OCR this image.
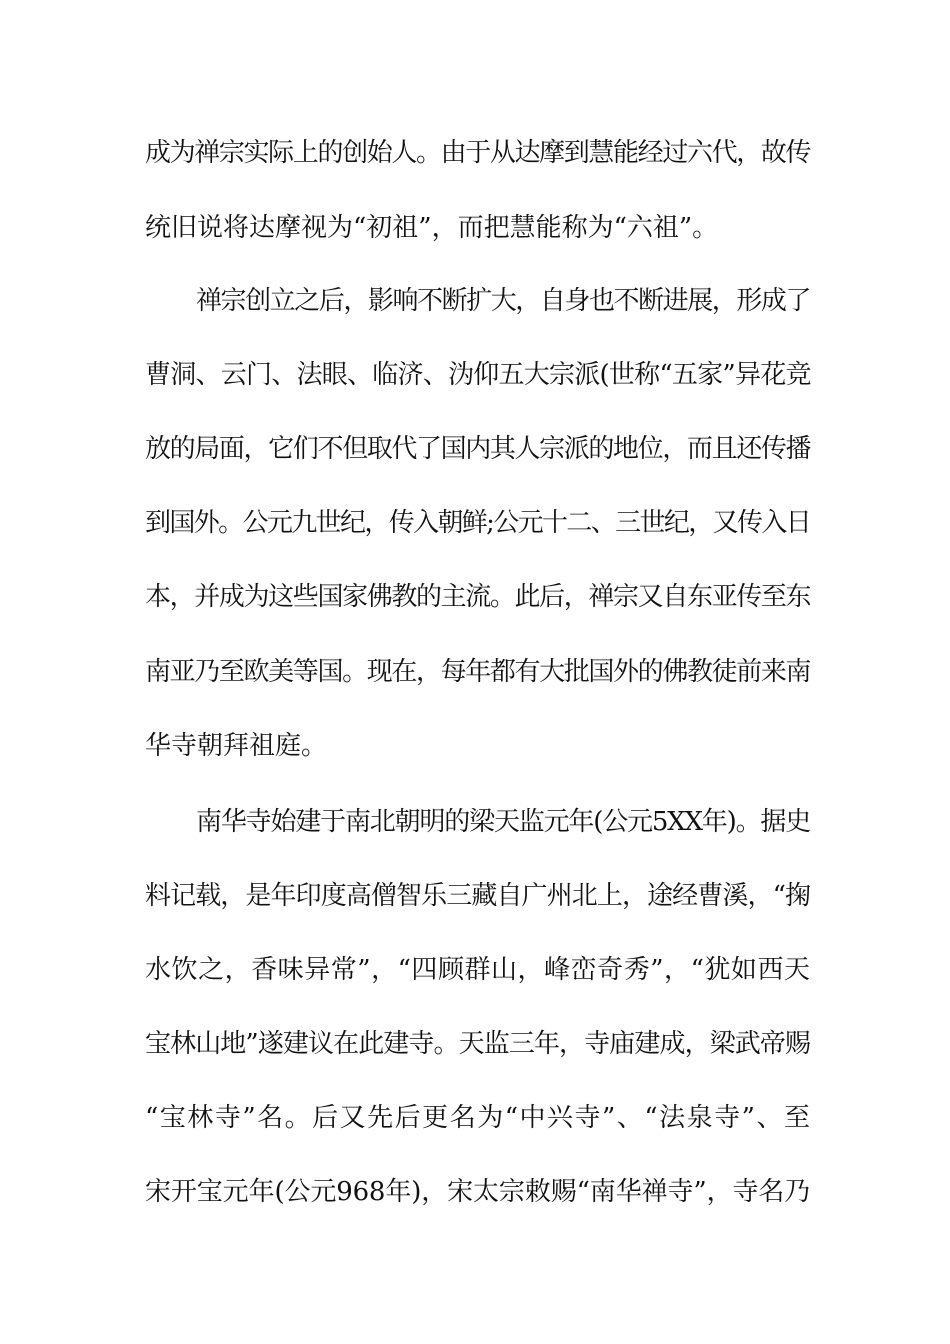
成为禅宗实际上的创始人。由于从达摩到慧能经过六代，故传
统旧说将达摩视为“初祖”，而把慧能称为“六祖”。
禅宗创立之后，影响不断扩大，自身也不断进展，形成了
曹洞、云门、法眼、临济、沩仰五大宗派(世称“五家”异花竞
放的局面，它们不但取代了国内其人宗派的地位，而且还传播
到国外。公元九世纪，传入朝鲜;公元十二、三世纪，又传入日
本，并成为这些国家佛教的主流。此后，禅宗又自东亚传至东
南亚乃至欧美等国。现在，每年都有大批国外的佛教徒前来南
华寺朝拜祖庭。
南华寺始建于南北朝明的梁天监元年(公元5XX年)。据史
料记载，是年印度高僧智乐三藏自广州北上，途经曹溪，“掬
水饮之，香味异常”，“四顾群山，峰峦奇秀”，“犹如西天
宝林山地”遂建议在此建寺。天监三年，寺庙建成，梁武帝赐
“宝林寺”名。后又先后更名为“中兴寺”、“法泉寺”、至
宋开宝元年(公元968年)，宋太宗敕赐“南华禅寺”，寺名乃
